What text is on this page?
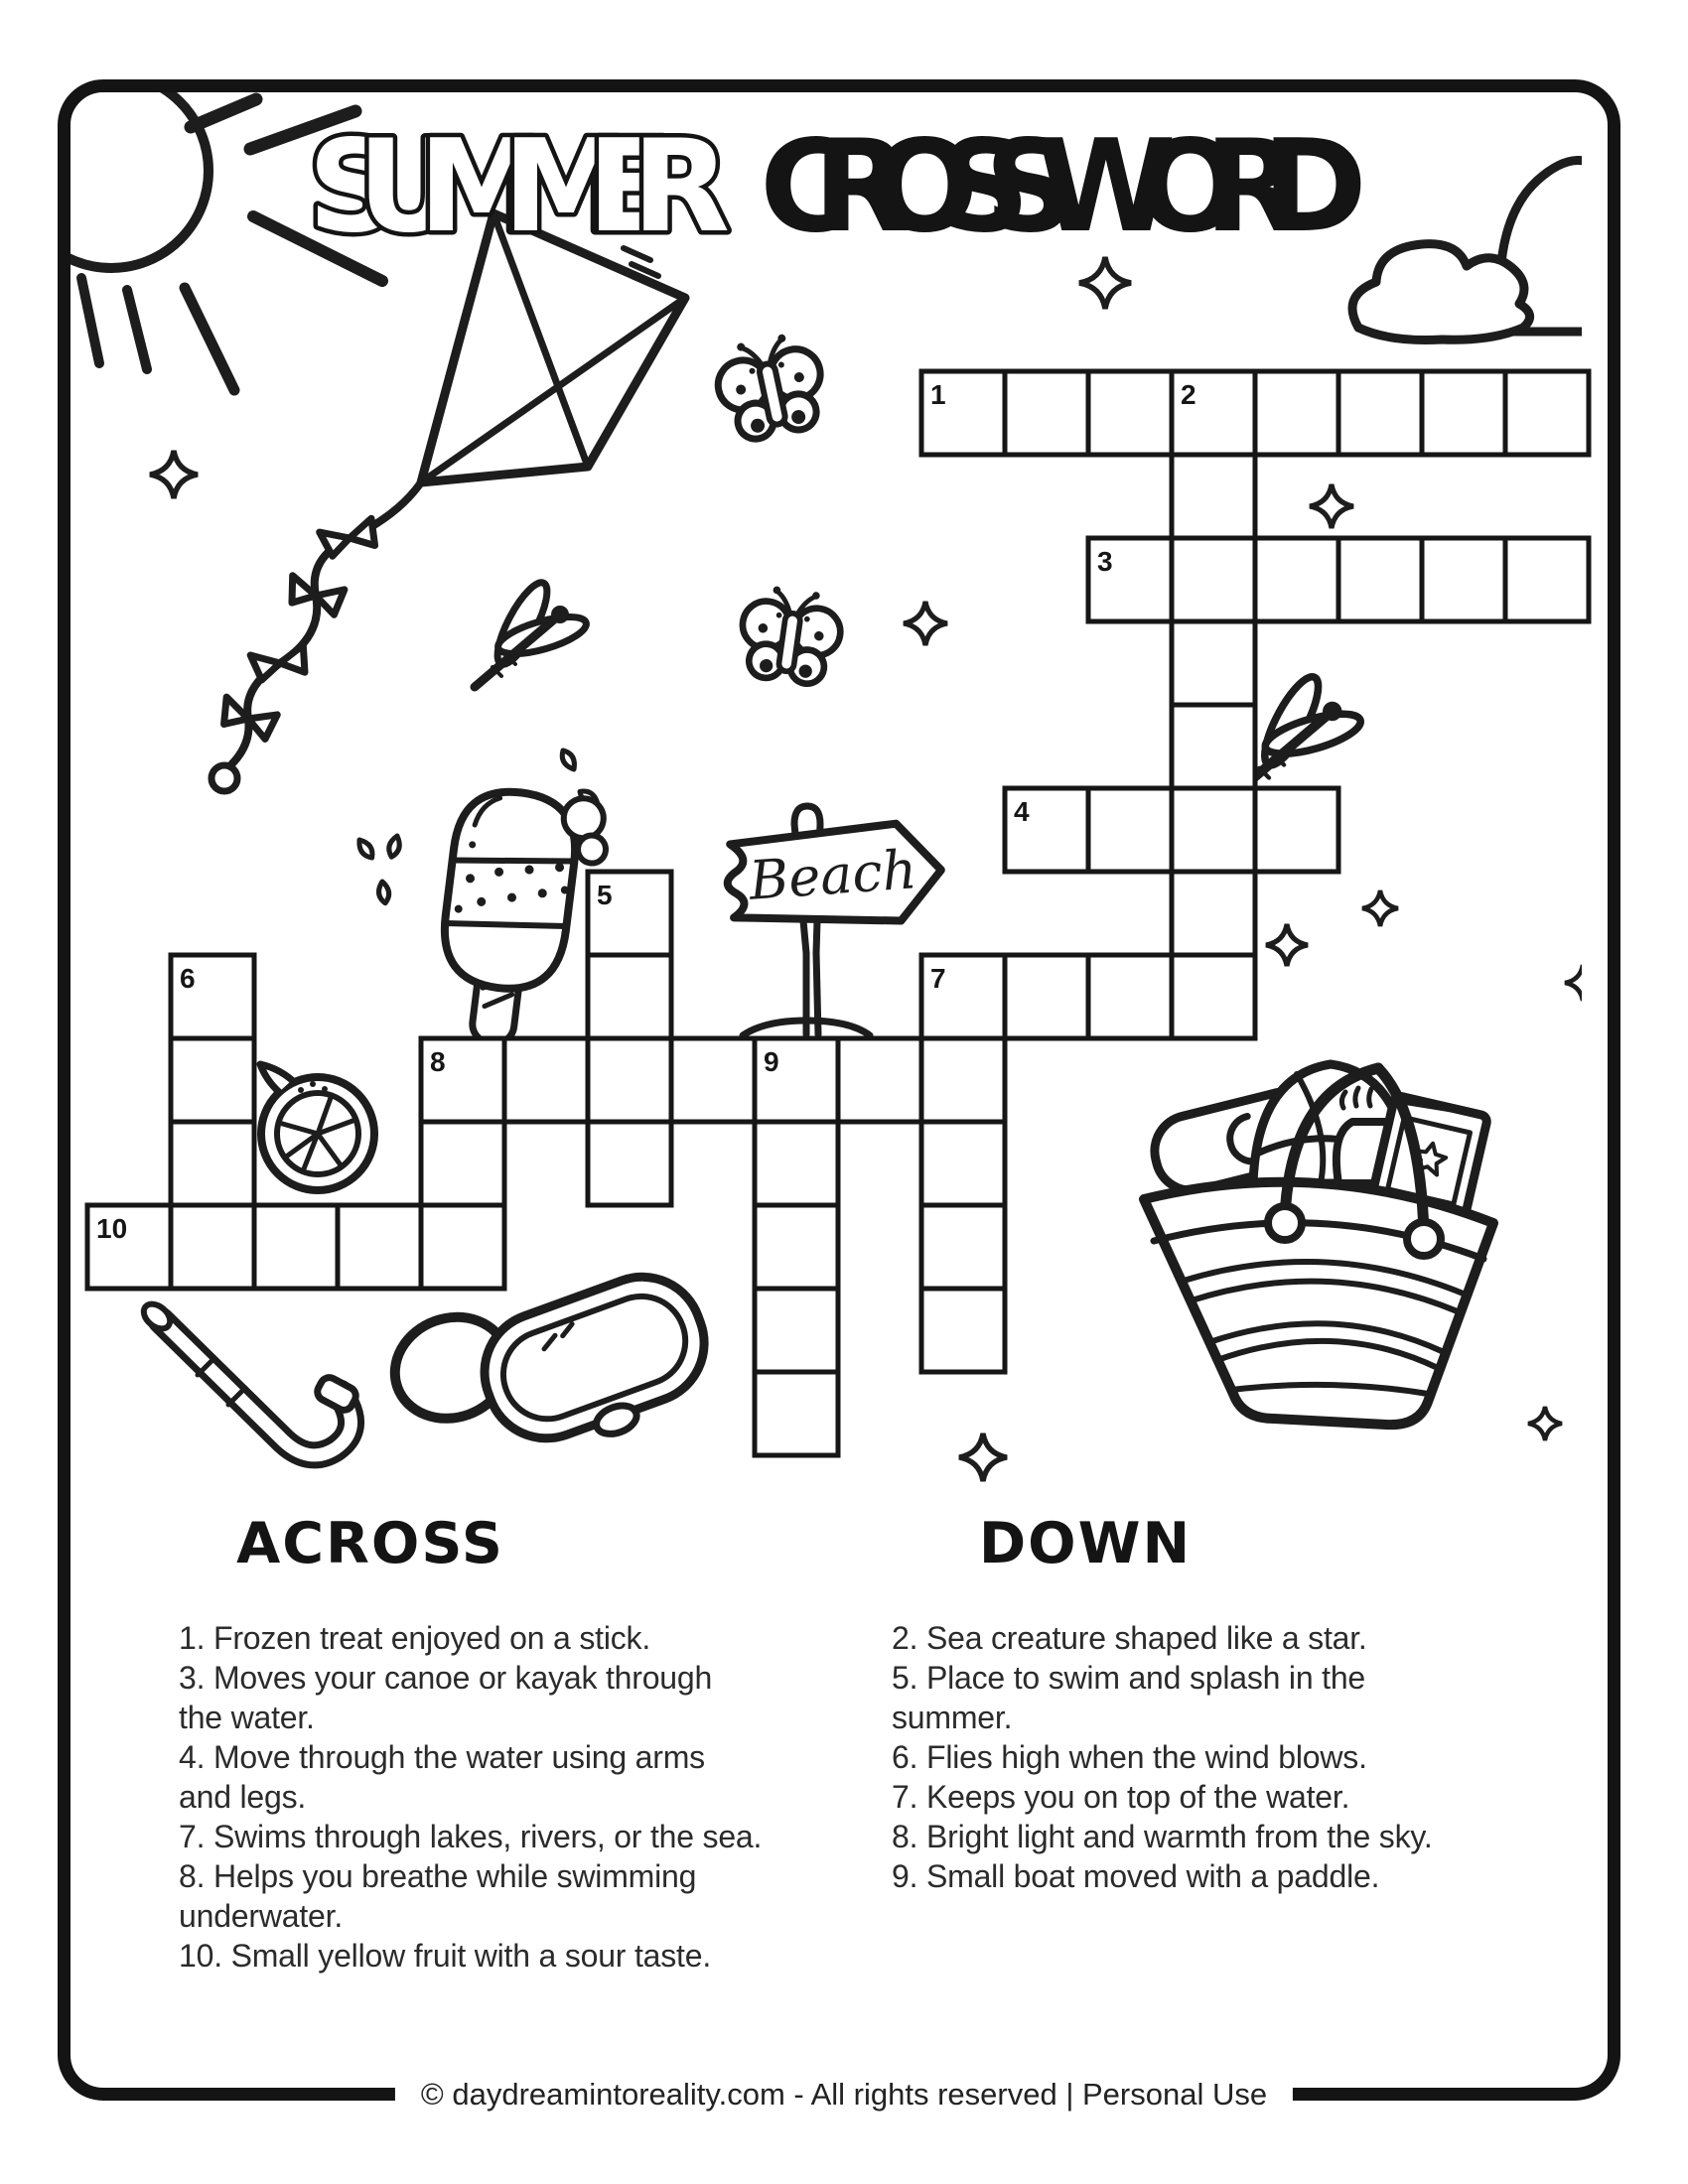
1	2
3
4
5
6	7
8	9
10
Beach
SUMMER CROSSWORD
ACROSS	DOWN
1. Frozen treat enjoyed on a stick.
3. Moves your canoe or kayak through
the water.
4. Move through the water using arms
and legs.
7. Swims through lakes, rivers, or the sea.
8. Helps you breathe while swimming
underwater.
10. Small yellow fruit with a sour taste.
2. Sea creature shaped like a star.
5. Place to swim and splash in the
summer.
6. Flies high when the wind blows.
7. Keeps you on top of the water.
8. Bright light and warmth from the sky.
9. Small boat moved with a paddle.
© daydreamintoreality.com - All rights reserved | Personal Use
